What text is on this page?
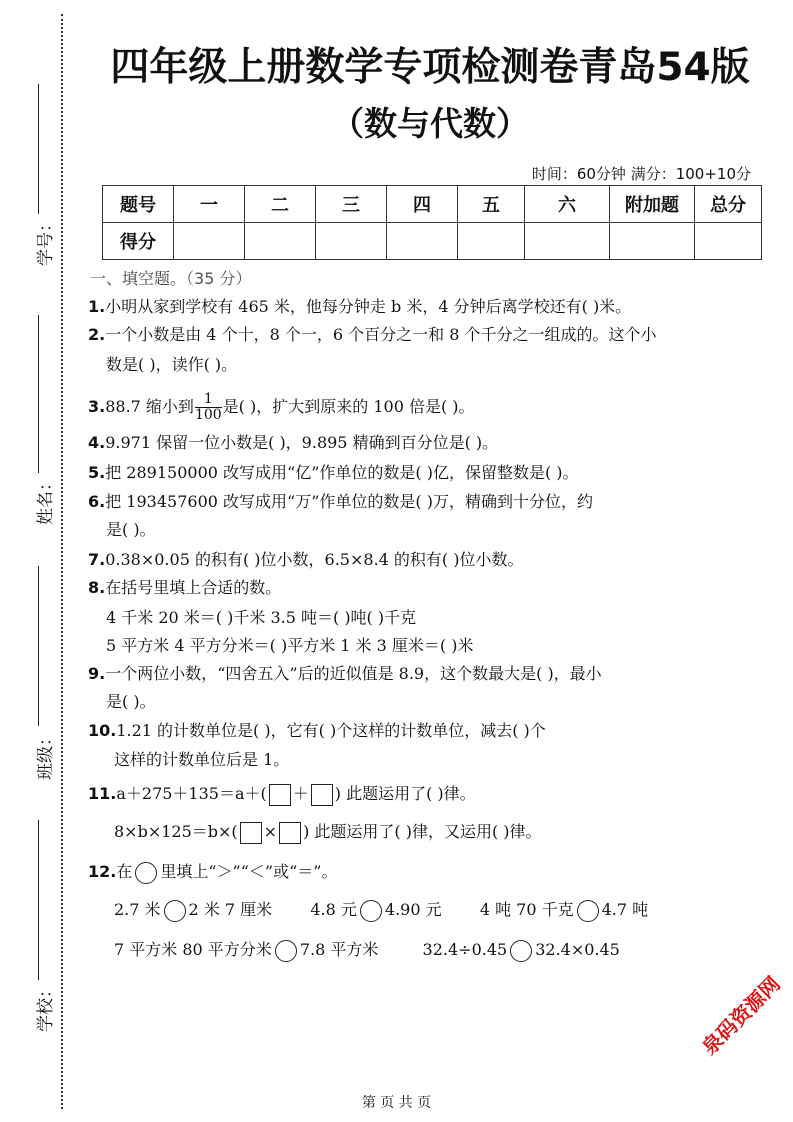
学号：
姓名：
班级：
学校：
四年级上册数学专项检测卷青岛54版
（数与代数）
时间：60分钟 满分：100+10分
题号	一	二	三	四	五	六	附加题	总分
得分								
一、填空题。（35 分）
1.小明从家到学校有 465 米，他每分钟走 b 米，4 分钟后离学校还有( )米。
2.一个小数是由 4 个十，8 个一，6 个百分之一和 8 个千分之一组成的。这个小
数是( )，读作( )。
3.88.7 缩小到 $\frac{1}{100}$ 是( )，扩大到原来的 100 倍是( )。
4.9.971 保留一位小数是( )，9.895 精确到百分位是( )。
5.把 289150000 改写成用“亿”作单位的数是( )亿，保留整数是( )。
6.把 193457600 改写成用“万”作单位的数是( )万，精确到十分位，约
是( )。
7.0.38×0.05 的积有( )位小数，6.5×8.4 的积有( )位小数。
8.在括号里填上合适的数。
4 千米 20 米＝( )千米 3.5 吨＝( )吨( )千克
5 平方米 4 平方分米＝( )平方米 1 米 3 厘米＝( )米
9.一个两位小数，“四舍五入”后的近似值是 8.9，这个数最大是( )，最小
是( )。
10.1.21 的计数单位是( )，它有( )个这样的计数单位，减去( )个
这样的计数单位后是 1。
11.a＋275＋135＝a＋( ＋ ) 此题运用了( )律。
8×b×125＝b×( × ) 此题运用了( )律，又运用( )律。
12.在 里填上“＞”“＜”或“＝”。
2.7 米 2 米 7 厘米 4.8 元 4.90 元 4 吨 70 千克 4.7 吨
7 平方米 80 平方分米 7.8 平方米	32.4÷0.45 32.4×0.45
泉码资源网
第 页 共 页
